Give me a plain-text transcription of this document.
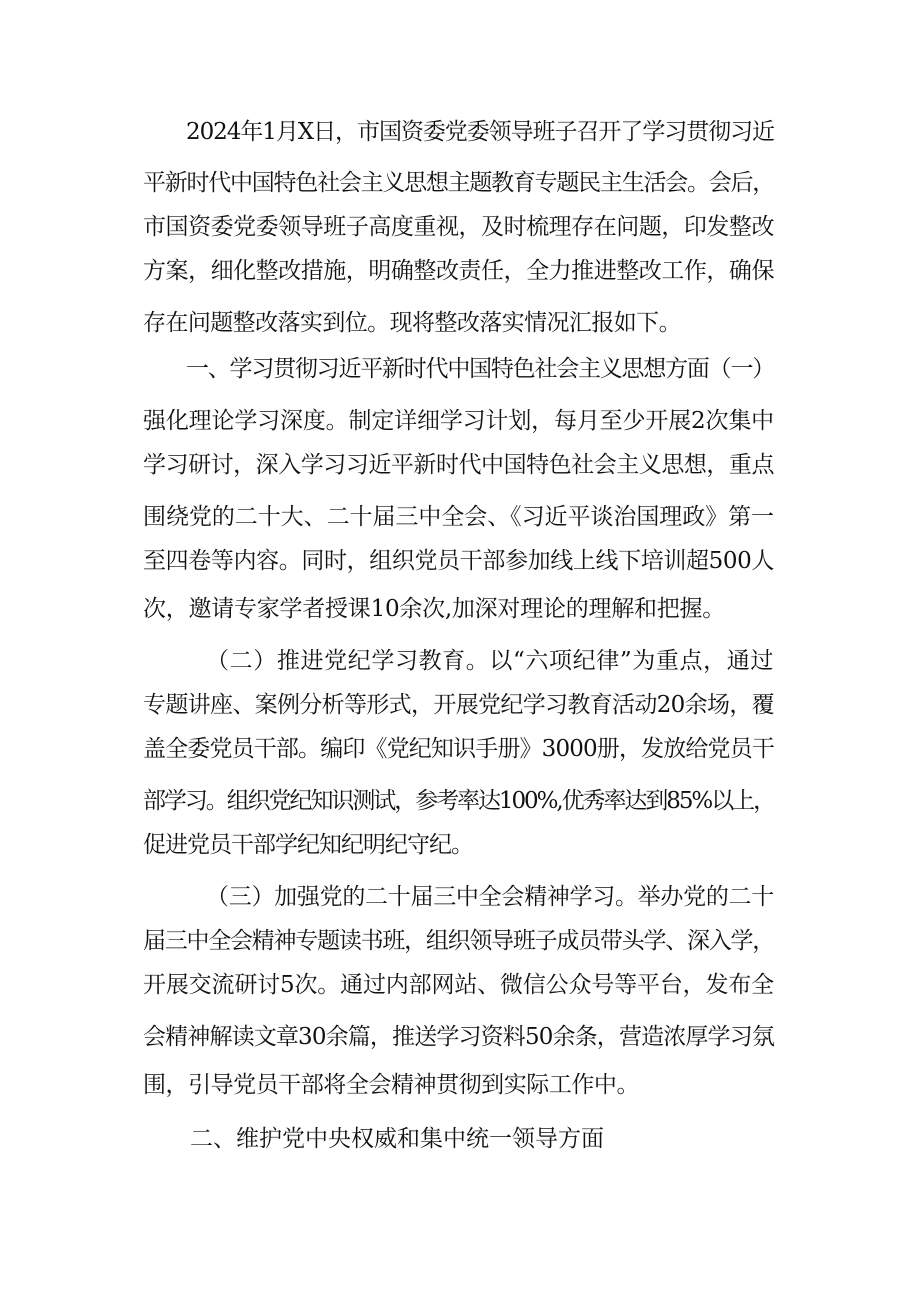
2024年1月X日，市国资委党委领导班子召开了学习贯彻习近
平新时代中国特色社会主义思想主题教育专题民主生活会。会后，
市国资委党委领导班子高度重视，及时梳理存在问题，印发整改
方案，细化整改措施，明确整改责任，全力推进整改工作，确保
存在问题整改落实到位。现将整改落实情况汇报如下。
一、学习贯彻习近平新时代中国特色社会主义思想方面（一）
强化理论学习深度。制定详细学习计划，每月至少开展2次集中
学习研讨，深入学习习近平新时代中国特色社会主义思想，重点
围绕党的二十大、二十届三中全会、《习近平谈治国理政》第一
至四卷等内容。同时，组织党员干部参加线上线下培训超500人
次，邀请专家学者授课10余次,加深对理论的理解和把握。
（二）推进党纪学习教育。以“六项纪律”为重点，通过
专题讲座、案例分析等形式，开展党纪学习教育活动20余场，覆
盖全委党员干部。编印《党纪知识手册》3000册，发放给党员干
部学习。组织党纪知识测试，参考率达100%,优秀率达到85%以上，
促进党员干部学纪知纪明纪守纪。
（三）加强党的二十届三中全会精神学习。举办党的二十
届三中全会精神专题读书班，组织领导班子成员带头学、深入学，
开展交流研讨5次。通过内部网站、微信公众号等平台，发布全
会精神解读文章30余篇，推送学习资料50余条，营造浓厚学习氛
围，引导党员干部将全会精神贯彻到实际工作中。
二、维护党中央权威和集中统一领导方面
